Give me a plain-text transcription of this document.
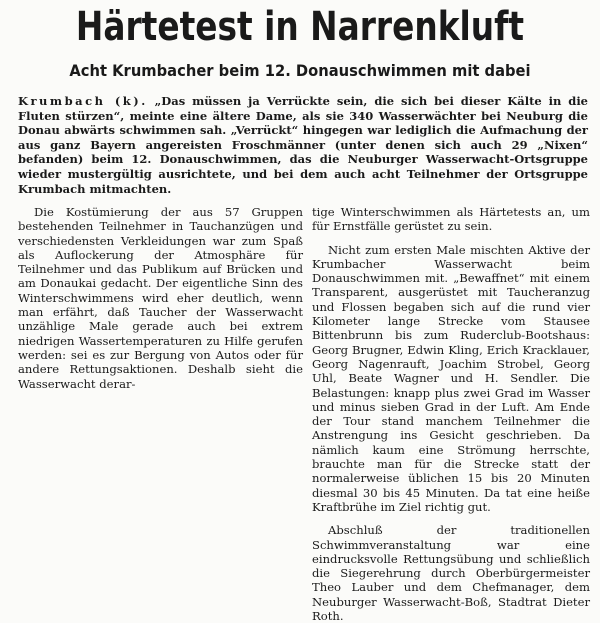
Härtetest in Narrenkluft
Acht Krumbacher beim 12. Donauschwimmen mit dabei
Krumbach (k). „Das müssen ja Verrückte sein, die sich bei dieser Kälte in die Fluten stürzen“, meinte eine ältere Dame, als sie 340 Wasserwächter bei Neuburg die Donau abwärts schwimmen sah. „Verrückt“ hingegen war lediglich die Aufmachung der aus ganz Bayern angereisten Froschmänner (unter denen sich auch 29 „Nixen“ befanden) beim 12. Donauschwimmen, das die Neuburger Wasserwacht-Ortsgruppe wieder mustergültig ausrichtete, und bei dem auch acht Teilnehmer der Ortsgruppe Krumbach mitmachten.

Die Kostümierung der aus 57 Gruppen bestehenden Teilnehmer in Tauchanzügen und verschiedensten Verkleidungen war zum Spaß als Auflockerung der Atmosphäre für Teilnehmer und das Publikum auf Brücken und am Donaukai gedacht. Der eigentliche Sinn des Winterschwimmens wird eher deutlich, wenn man erfährt, daß Taucher der Wasserwacht unzählige Male gerade auch bei extrem niedrigen Wassertemperaturen zu Hilfe gerufen werden: sei es zur Bergung von Autos oder für andere Rettungsaktionen. Deshalb sieht die Wasserwacht derar-

tige Winterschwimmen als Härtetests an, um für Ernstfälle gerüstet zu sein.

Nicht zum ersten Male mischten Aktive der Krumbacher Wasserwacht beim Donauschwimmen mit. „Bewaffnet“ mit einem Transparent, ausgerüstet mit Taucheranzug und Flossen begaben sich auf die rund vier Kilometer lange Strecke vom Stausee Bittenbrunn bis zum Ruderclub-Bootshaus: Georg Brugner, Edwin Kling, Erich Kracklauer, Georg Nagenrauft, Joachim Strobel, Georg Uhl, Beate Wagner und H. Sendler. Die Belastungen: knapp plus zwei Grad im Wasser und minus sieben Grad in der Luft. Am Ende der Tour stand manchem Teilnehmer die Anstrengung ins Gesicht geschrieben. Da nämlich kaum eine Strömung herrschte, brauchte man für die Strecke statt der normalerweise üblichen 15 bis 20 Minuten diesmal 30 bis 45 Minuten. Da tat eine heiße Kraftbrühe im Ziel richtig gut.

Abschluß der traditionellen Schwimmveranstaltung war eine eindrucksvolle Rettungsübung und schließlich die Siegerehrung durch Oberbürgermeister Theo Lauber und dem Chefmanager, dem Neuburger Wasserwacht-Boß, Stadtrat Dieter Roth.
